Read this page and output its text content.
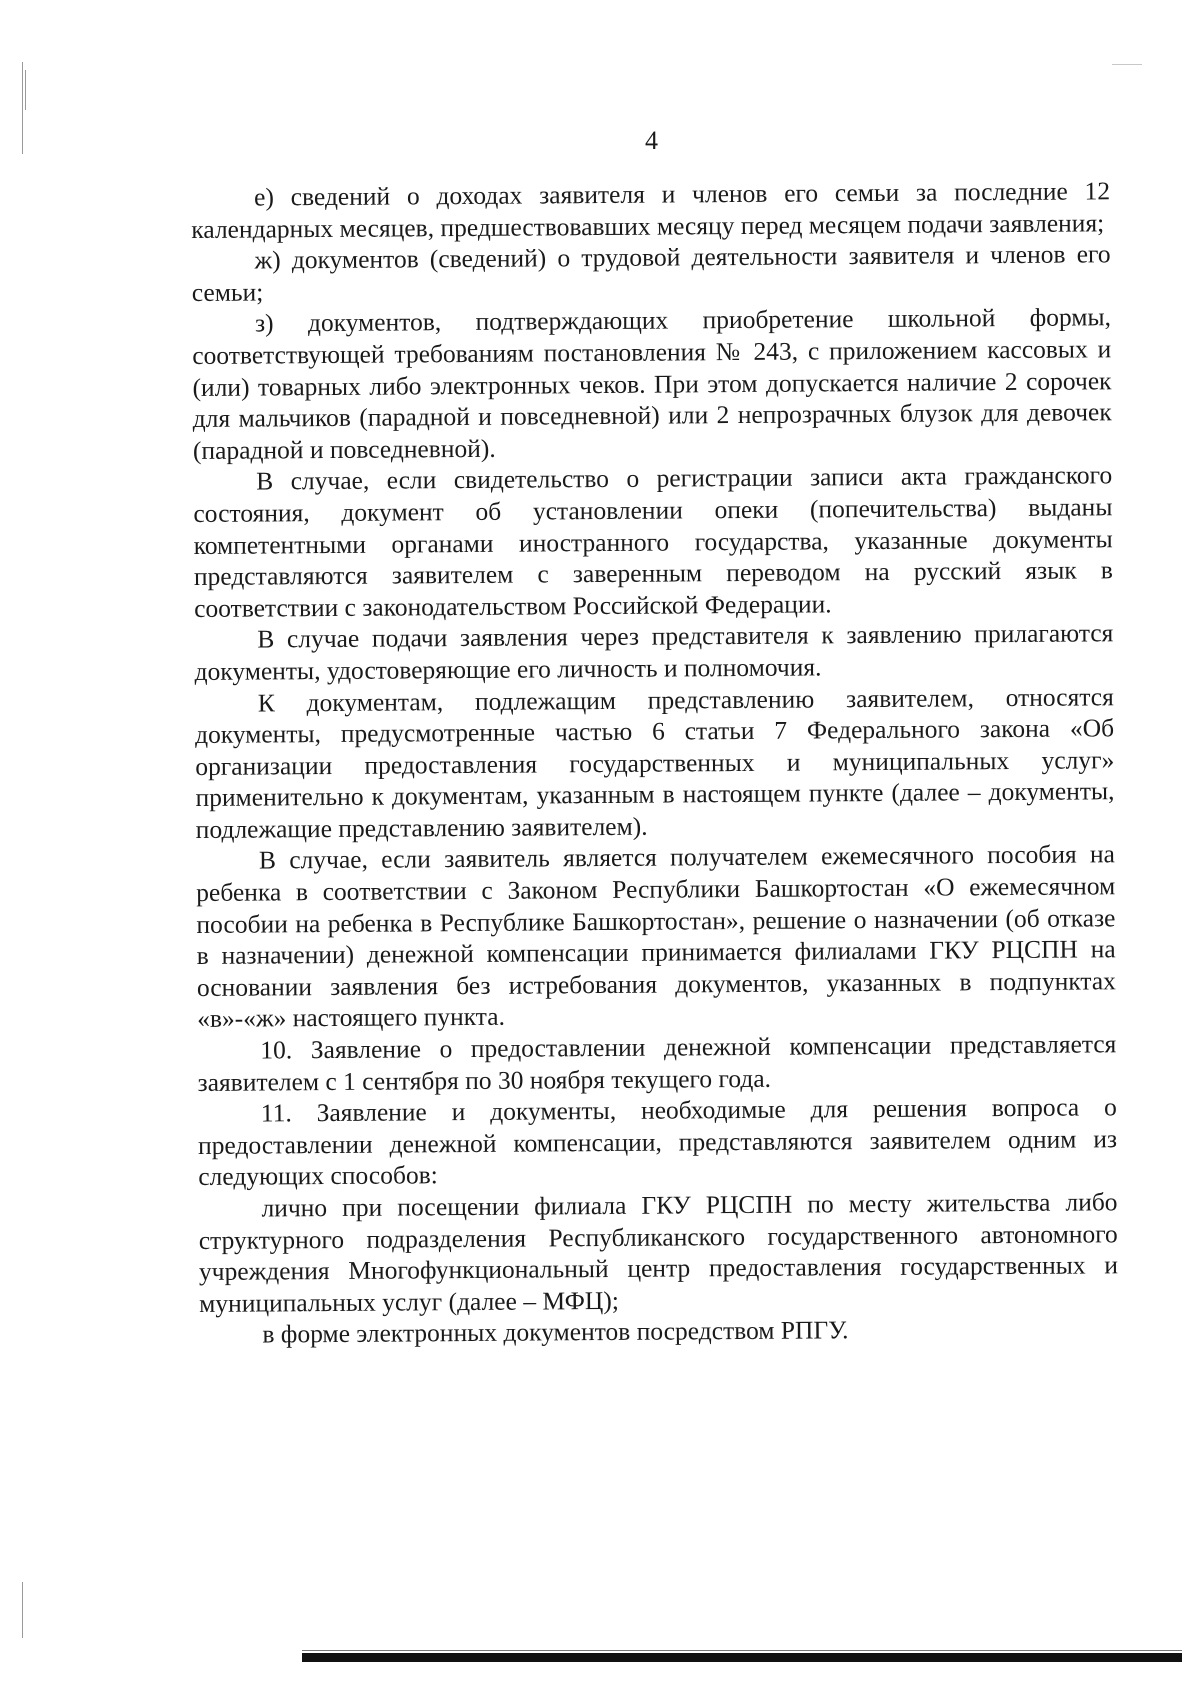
4

е) сведений о доходах заявителя и членов его семьи за последние 12 календарных месяцев, предшествовавших месяцу перед месяцем подачи заявления;

ж) документов (сведений) о трудовой деятельности заявителя и членов его семьи;

з) документов, подтверждающих приобретение школьной формы, соответствующей требованиям постановления № 243, с приложением кассовых и (или) товарных либо электронных чеков. При этом допускается наличие 2 сорочек для мальчиков (парадной и повседневной) или 2 непрозрачных блузок для девочек (парадной и повседневной).

В случае, если свидетельство о регистрации записи акта гражданского состояния, документ об установлении опеки (попечительства) выданы компетентными органами иностранного государства, указанные документы представляются заявителем с заверенным переводом на русский язык в соответствии с законодательством Российской Федерации.

В случае подачи заявления через представителя к заявлению прилагаются документы, удостоверяющие его личность и полномочия.

К документам, подлежащим представлению заявителем, относятся документы, предусмотренные частью 6 статьи 7 Федерального закона «Об организации предоставления государственных и муниципальных услуг» применительно к документам, указанным в настоящем пункте (далее – документы, подлежащие представлению заявителем).

В случае, если заявитель является получателем ежемесячного пособия на ребенка в соответствии с Законом Республики Башкортостан «О ежемесячном пособии на ребенка в Республике Башкортостан», решение о назначении (об отказе в назначении) денежной компенсации принимается филиалами ГКУ РЦСПН на основании заявления без истребования документов, указанных в подпунктах «в»-«ж» настоящего пункта.

10. Заявление о предоставлении денежной компенсации представляется заявителем с 1 сентября по 30 ноября текущего года.

11. Заявление и документы, необходимые для решения вопроса о предоставлении денежной компенсации, представляются заявителем одним из следующих способов:

лично при посещении филиала ГКУ РЦСПН по месту жительства либо структурного подразделения Республиканского государственного автономного учреждения Многофункциональный центр предоставления государственных и муниципальных услуг (далее – МФЦ);

в форме электронных документов посредством РПГУ.
